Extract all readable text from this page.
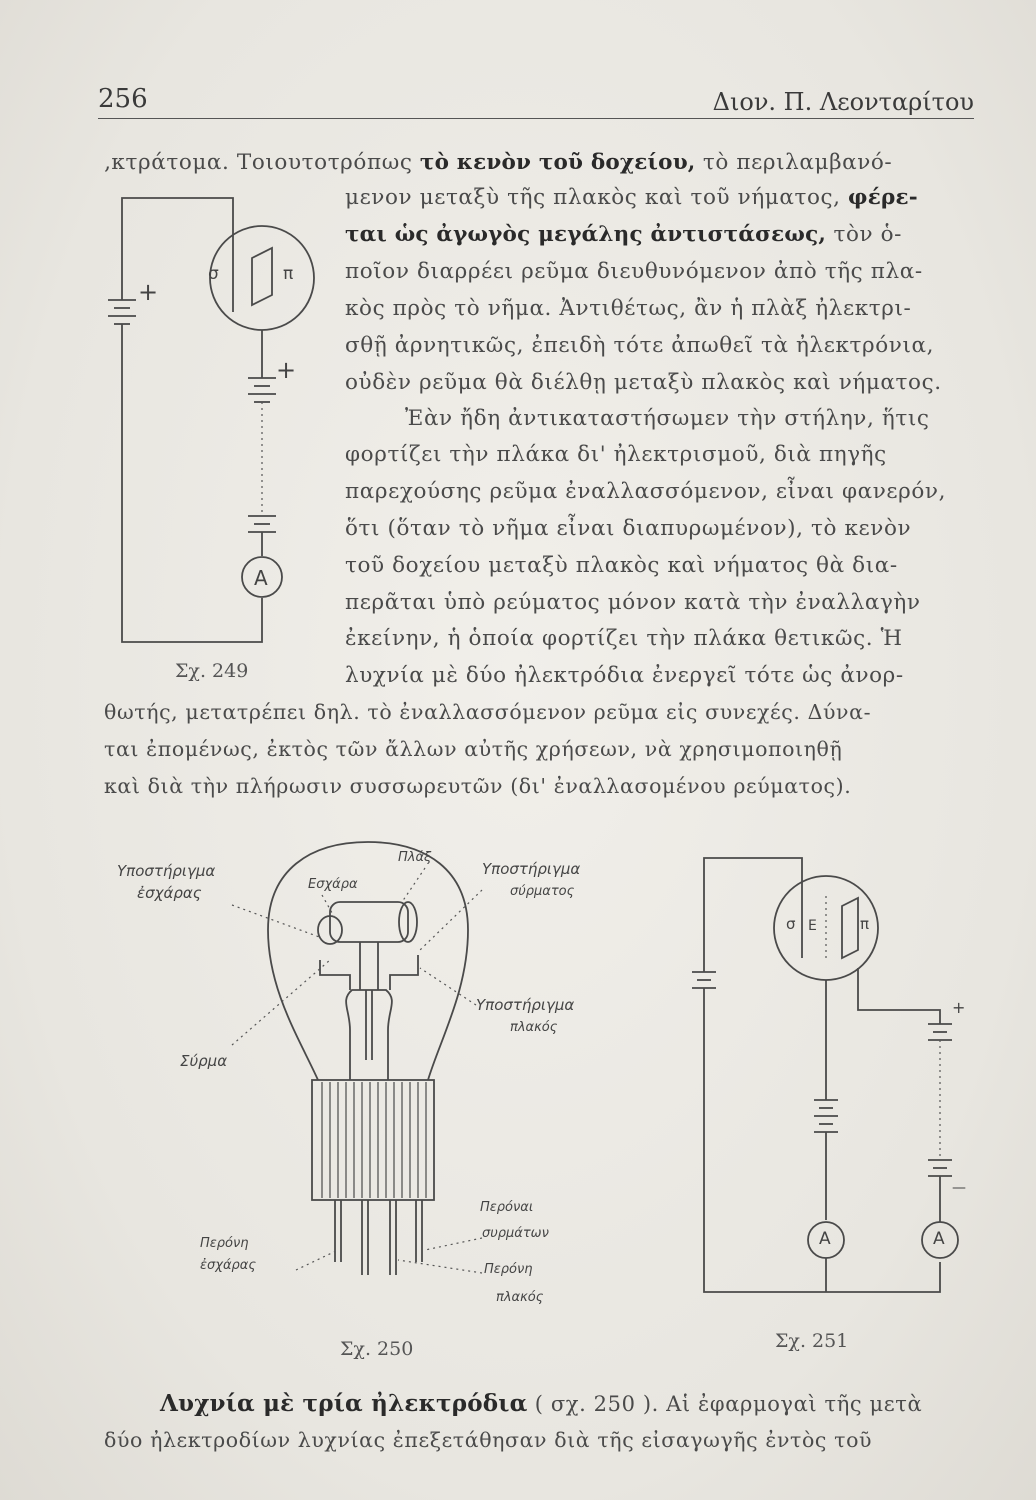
256	Διον. Π. Λεονταρίτου
‚κτράτομα. Τοιουτοτρόπως τὸ κενὸν τοῦ δοχείου, τὸ περιλαμβανό-
μενον μεταξὺ τῆς πλακὸς καὶ τοῦ νήματος, φέρε-
ται ὡς ἀγωγὸς μεγάλης ἀντιστάσεως, τὸν ὁ-
ποῖον διαρρέει ρεῦμα διευθυνόμενον ἀπὸ τῆς πλα-
κὸς πρὸς τὸ νῆμα. Ἀντιθέτως, ἂν ἡ πλὰξ ἠλεκτρι-
σθῇ ἀρνητικῶς, ἐπειδὴ τότε ἀπωθεῖ τὰ ἠλεκτρόνια,
οὐδὲν ρεῦμα θὰ διέλθῃ μεταξὺ πλακὸς καὶ νήματος.
Ἐὰν ἤδη ἀντικαταστήσωμεν τὴν στήλην, ἥτις
φορτίζει τὴν πλάκα δι' ἠλεκτρισμοῦ, διὰ πηγῆς
παρεχούσης ρεῦμα ἐναλλασσόμενον, εἶναι φανερόν,
ὅτι (ὅταν τὸ νῆμα εἶναι διαπυρωμένον), τὸ κενὸν
τοῦ δοχείου μεταξὺ πλακὸς καὶ νήματος θὰ δια-
περᾶται ὑπὸ ρεύματος μόνον κατὰ τὴν ἐναλλαγὴν
ἐκείνην, ἡ ὁποία φορτίζει τὴν πλάκα θετικῶς. Ἡ
λυχνία μὲ δύο ἠλεκτρόδια ἐνεργεῖ τότε ὡς ἀνορ-
θωτής, μετατρέπει δηλ. τὸ ἐναλλασσόμενον ρεῦμα εἰς συνεχές. Δύνα-
ται ἐπομένως, ἐκτὸς τῶν ἄλλων αὐτῆς χρήσεων, νὰ χρησιμοποιηθῇ
καὶ διὰ τὴν πλήρωσιν συσσωρευτῶν (δι' ἐναλλασομένου ρεύματος).
σ	π
+
+
A
Σχ. 249
Υποστήριγμα
ἐσχάρας	Εσχάρα
Πλάξ
Υποστήριγμα
σύρματος
Υποστήριγμα
πλακός
Σύρμα
Περόναι
συρμάτων
Περόνη
ἐσχάρας	Περόνη
πλακός
Σχ. 250
σ Ε	π
A	A
+
—
Σχ. 251
Λυχνία μὲ τρία ἠλεκτρόδια ( σχ. 250 ). Αἱ ἐφαρμογαὶ τῆς μετὰ
δύο ἠλεκτροδίων λυχνίας ἐπεξετάθησαν διὰ τῆς εἰσαγωγῆς ἐντὸς τοῦ
